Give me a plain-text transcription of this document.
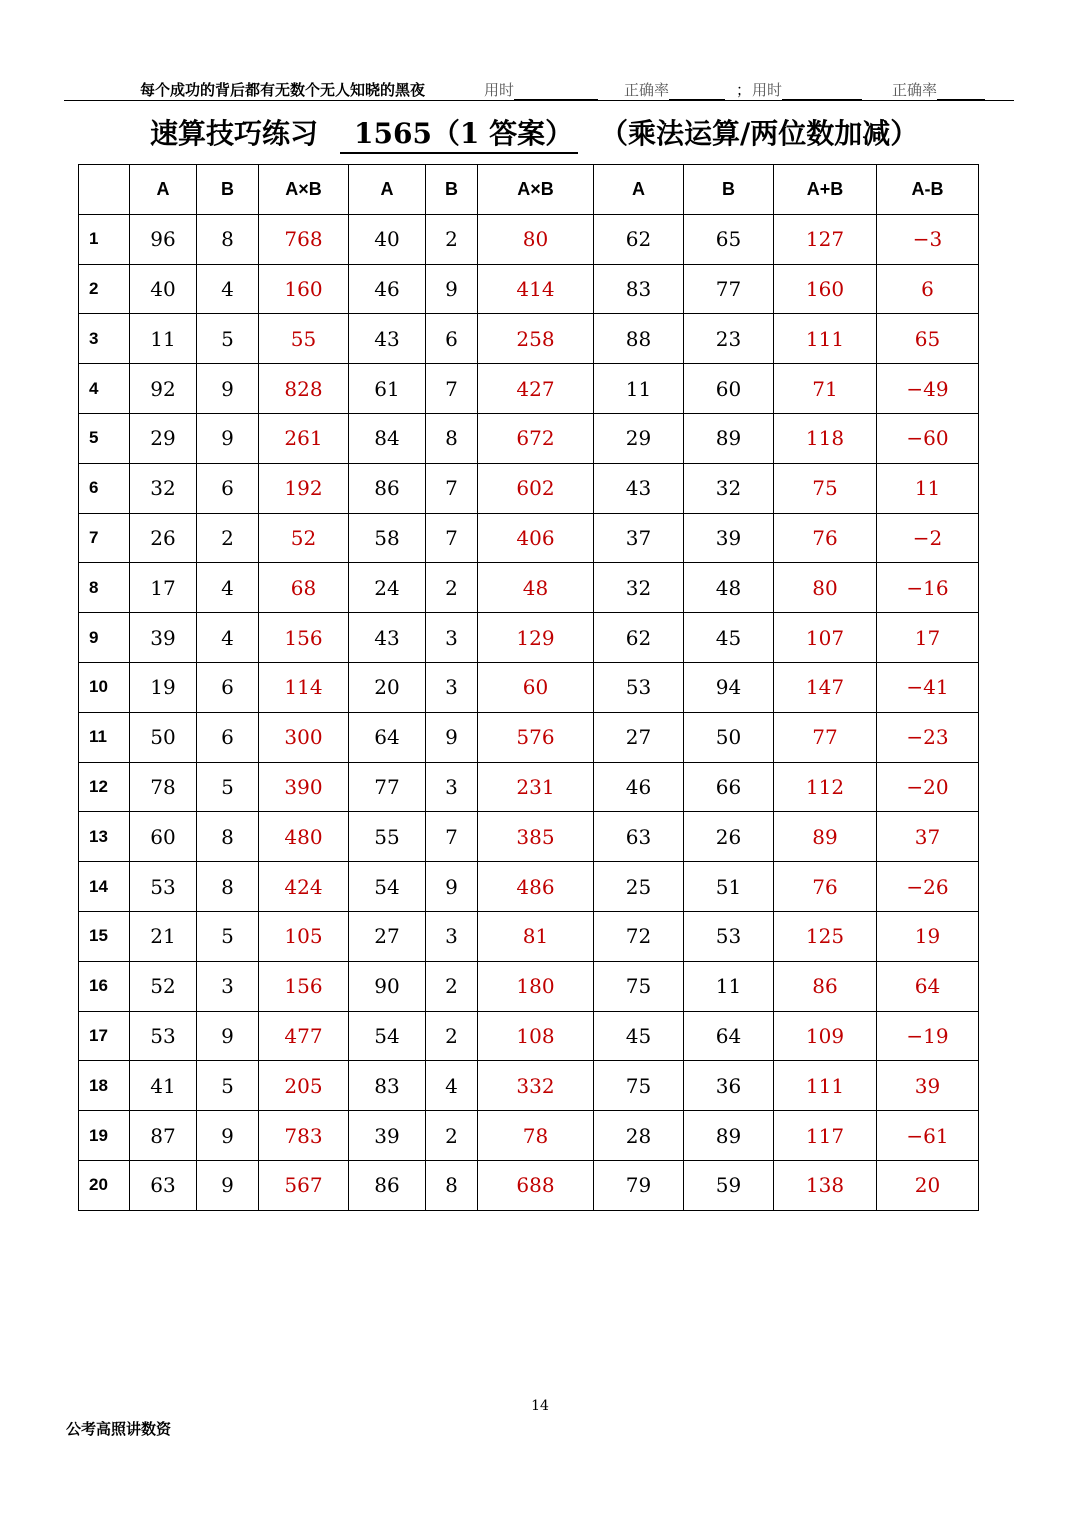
每个成功的背后都有无数个无人知晓的黑夜	用时	正确率	； 用时	正确率
速算技巧练习	1565（1 答案） （乘法运算/两位数加减）
	A	B	A×B	A	B	A×B	A	B	A+B	A-B
1	96	8	768	40	2	80	62	65	127	−3
2	40	4	160	46	9	414	83	77	160	6
3	11	5	55	43	6	258	88	23	111	65
4	92	9	828	61	7	427	11	60	71	−49
5	29	9	261	84	8	672	29	89	118	−60
6	32	6	192	86	7	602	43	32	75	11
7	26	2	52	58	7	406	37	39	76	−2
8	17	4	68	24	2	48	32	48	80	−16
9	39	4	156	43	3	129	62	45	107	17
10	19	6	114	20	3	60	53	94	147	−41
11	50	6	300	64	9	576	27	50	77	−23
12	78	5	390	77	3	231	46	66	112	−20
13	60	8	480	55	7	385	63	26	89	37
14	53	8	424	54	9	486	25	51	76	−26
15	21	5	105	27	3	81	72	53	125	19
16	52	3	156	90	2	180	75	11	86	64
17	53	9	477	54	2	108	45	64	109	−19
18	41	5	205	83	4	332	75	36	111	39
19	87	9	783	39	2	78	28	89	117	−61
20	63	9	567	86	8	688	79	59	138	20
14
公考高照讲数资
